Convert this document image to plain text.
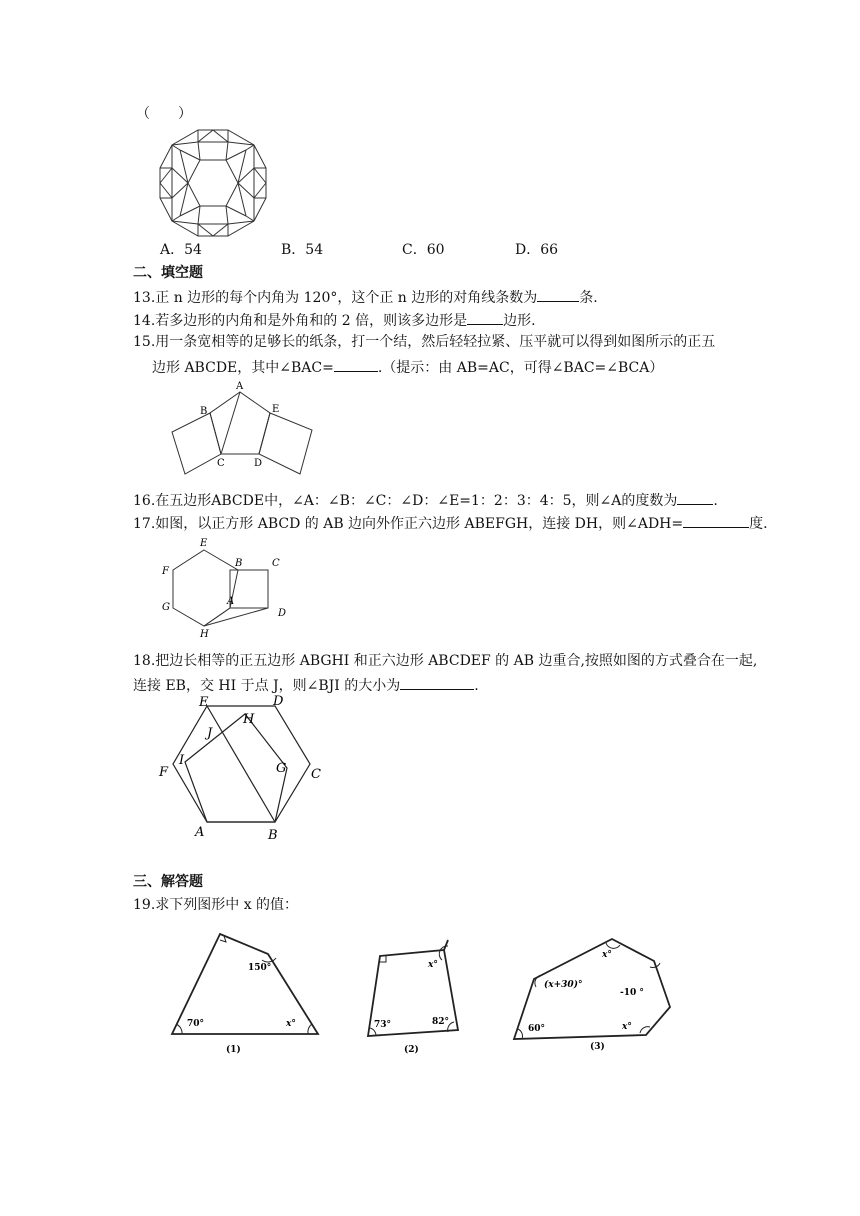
（　　）
A．54	B．54	C．60	D．66
二、填空题
13.正 n 边形的每个内角为 120°，这个正 n 边形的对角线条数为	条.
14.若多边形的内角和是外角和的 2 倍，则该多边形是	边形.
15.用一条宽相等的足够长的纸条，打一个结，然后轻轻拉紧、压平就可以得到如图所示的正五
边形 ABCDE，其中∠BAC=	.（提示：由 AB=AC，可得∠BAC=∠BCA）
A
B	E
C	D
16.在五边形ABCDE中，∠A：∠B：∠C：∠D：∠E=1：2：3：4：5，则∠A的度数为	.
17.如图，以正方形 ABCD 的 AB 边向外作正六边形 ABEFGH，连接 DH，则∠ADH=	度.
E
B	C
F
G
A
D
H
18.把边长相等的正五边形 ABGHI 和正六边形 ABCDEF 的 AB 边重合,按照如图的方式叠合在一起,
连接 EB，交 HI 于点 J，则∠BJI 的大小为	.
E	D
H
J
I
F	G C
A	B
三、解答题
19.求下列图形中 x 的值：
150°
70°	x°
(1)
x°
73°	82°
(2)
x°
(x+30)°
-10 °
60°	x°
(3)
